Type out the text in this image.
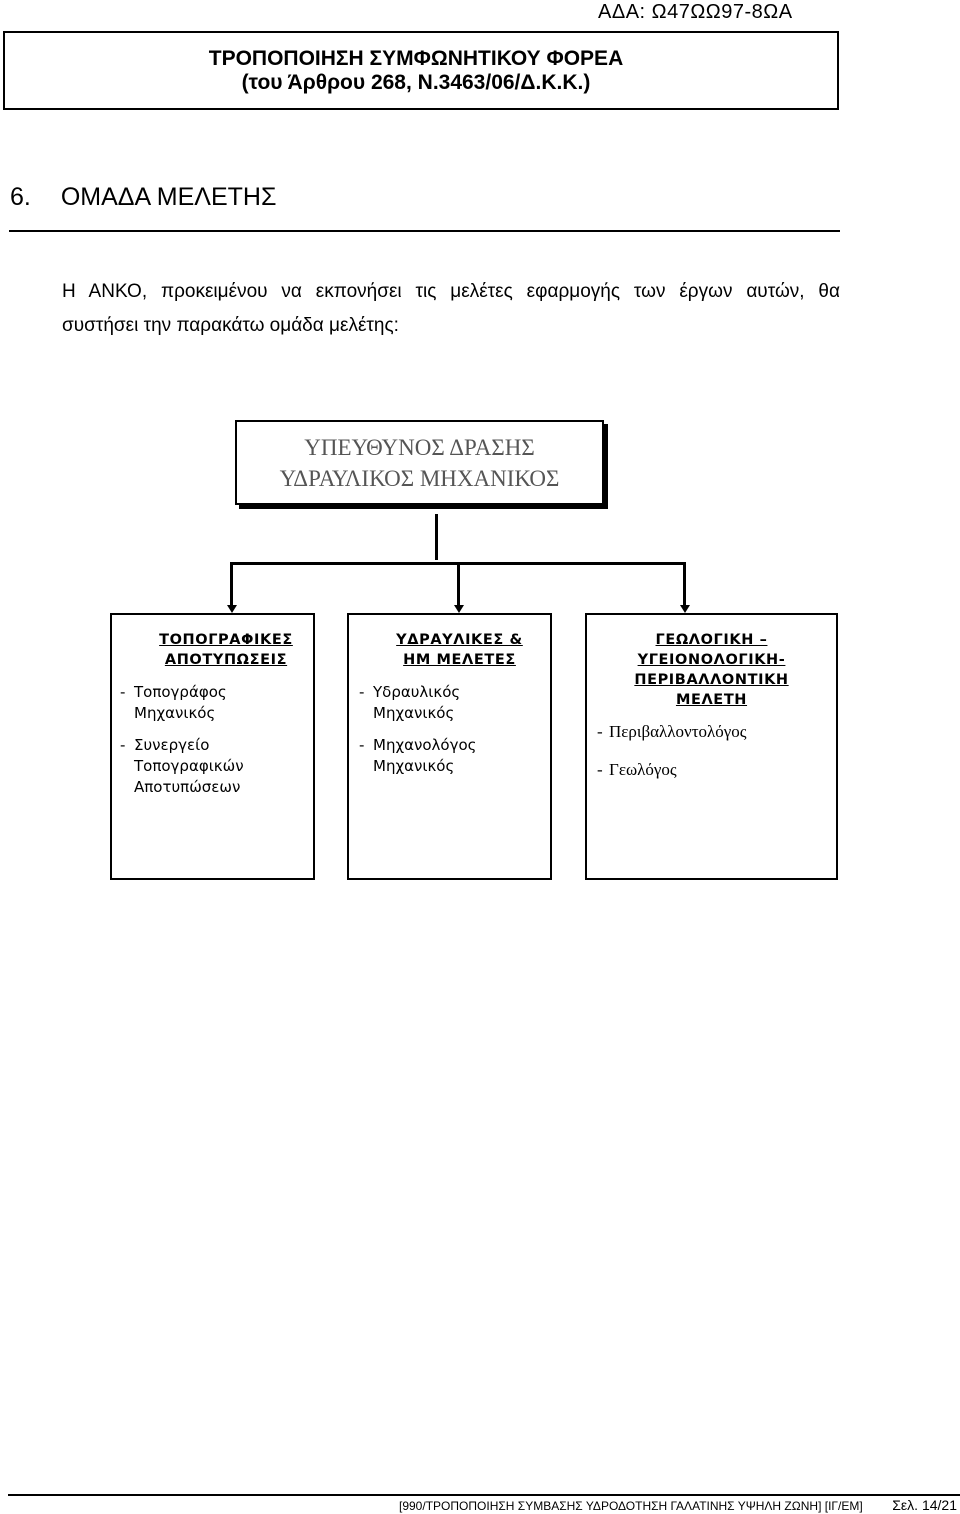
ΑΔΑ: Ω47ΩΩ97-8ΩΑ
ΤΡΟΠΟΠΟΙΗΣΗ ΣΥΜΦΩΝΗΤΙΚΟΥ ΦΟΡΕΑ
(του Άρθρου 268, Ν.3463/06/Δ.Κ.Κ.)
6. ΟΜΑΔΑ ΜΕΛΕΤΗΣ
Η ΑΝΚΟ, προκειμένου να εκπονήσει τις μελέτες εφαρμογής των έργων αυτών, θα
συστήσει την παρακάτω ομάδα μελέτης:
ΥΠΕΥΘΥΝΟΣ ΔΡΑΣΗΣ
ΥΔΡΑΥΛΙΚΟΣ ΜΗΧΑΝΙΚΟΣ
ΤΟΠΟΓΡΑΦΙΚΕΣ
ΑΠΟΤΥΠΩΣΕΙΣ
- Τοπογράφος
Μηχανικός
- Συνεργείο
Τοπογραφικών
Αποτυπώσεων
ΥΔΡΑΥΛΙΚΕΣ &
ΗΜ ΜΕΛΕΤΕΣ
- Υδραυλικός
Μηχανικός
- Μηχανολόγος
Μηχανικός
ΓΕΩΛΟΓΙΚΗ –
ΥΓΕΙΟΝΟΛΟΓΙΚΗ-
ΠΕΡΙΒΑΛΛΟΝΤΙΚΗ
ΜΕΛΕΤΗ
- Περιβαλλοντολόγος
- Γεωλόγος
[990/ΤΡΟΠΟΠΟΙΗΣΗ ΣΥΜΒΑΣΗΣ ΥΔΡΟΔΟΤΗΣΗ ΓΑΛΑΤΙΝΗΣ ΥΨΗΛΗ ΖΩΝΗ] [ΙΓ/ΕΜ] Σελ. 14/21
